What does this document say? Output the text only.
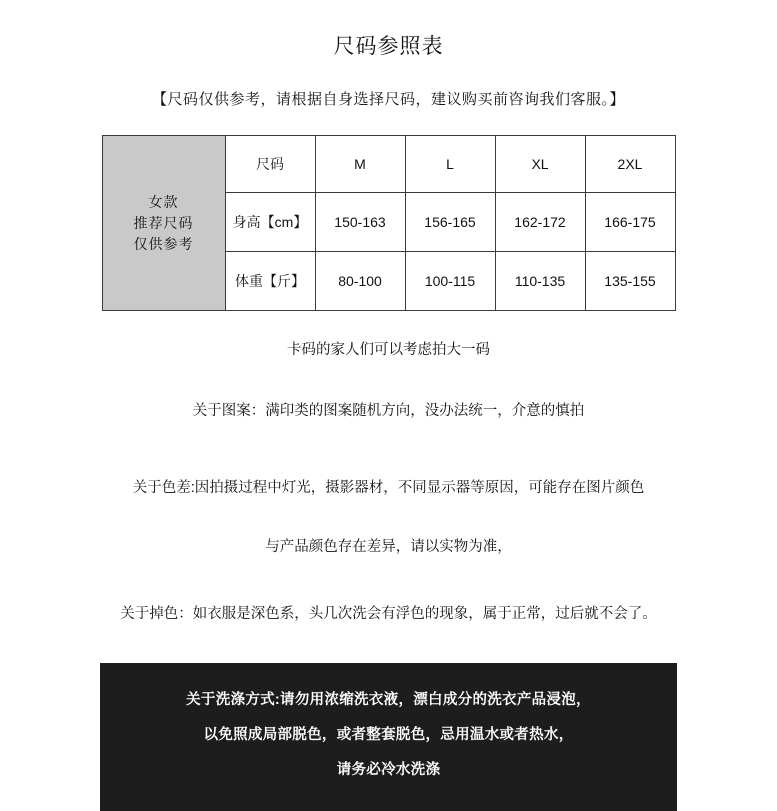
尺码参照表
【尺码仅供参考，请根据自身选择尺码，建议购买前咨询我们客服。】
女款
推荐尺码
仅供参考	尺码	M	L	XL	2XL
	身高【cm】	150-163	156-165	162-172	166-175
	体重【斤】	80-100	100-115	110-135	135-155
卡码的家人们可以考虑拍大一码
关于图案：满印类的图案随机方向，没办法统一，介意的慎拍
关于色差:因拍摄过程中灯光，摄影器材，不同显示器等原因，可能存在图片颜色
与产品颜色存在差异，请以实物为准，
关于掉色：如衣服是深色系，头几次洗会有浮色的现象，属于正常，过后就不会了。

关于洗涤方式:请勿用浓缩洗衣液，漂白成分的洗衣产品浸泡，

以免照成局部脱色，或者整套脱色，忌用温水或者热水，

请务必冷水洗涤
